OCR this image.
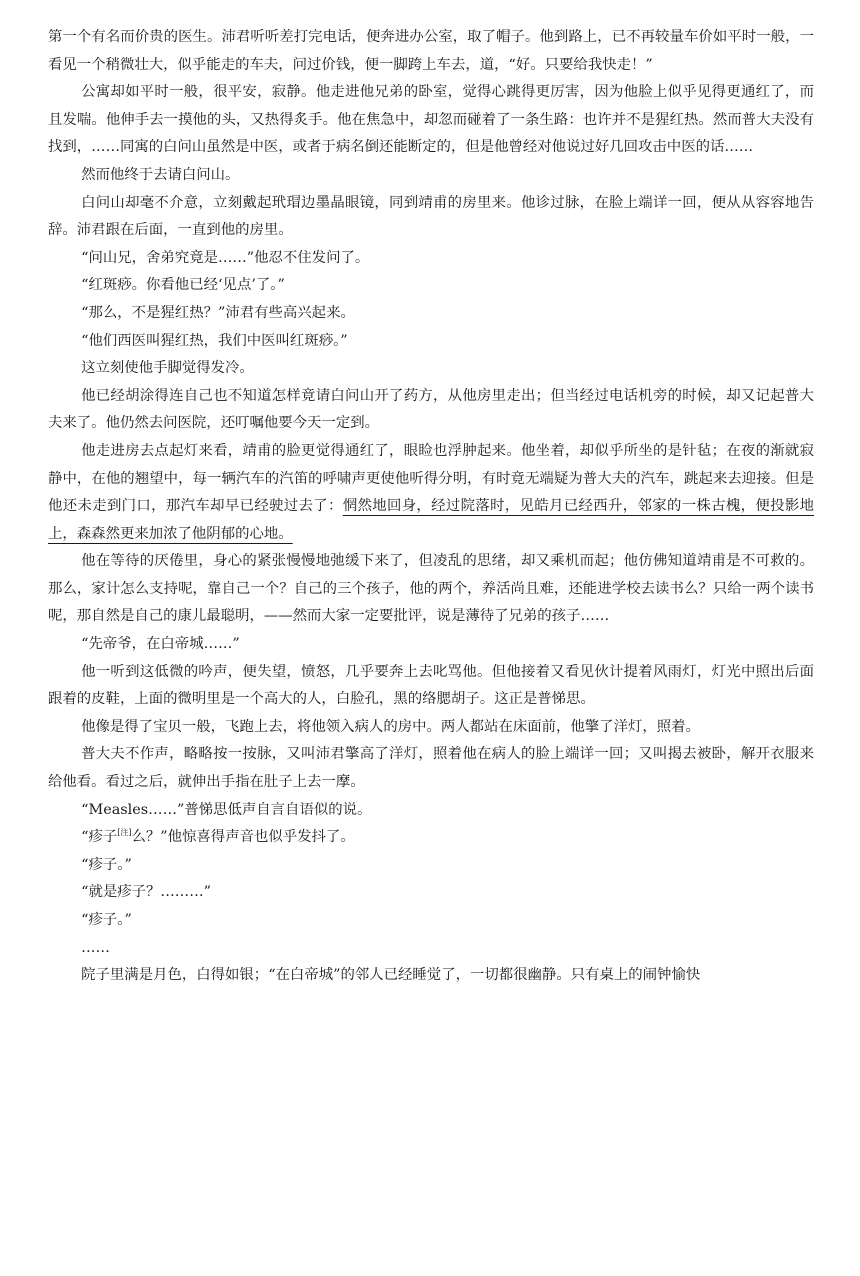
第一个有名而价贵的医生。沛君听听差打完电话，便奔进办公室，取了帽子。他到路上，已不再较量车价如平时一般，一看见一个稍微壮大，似乎能走的车夫，问过价钱，便一脚跨上车去，道，“好。只要给我快走！”

公寓却如平时一般，很平安，寂静。他走进他兄弟的卧室，觉得心跳得更厉害，因为他脸上似乎见得更通红了，而且发喘。他伸手去一摸他的头，又热得炙手。他在焦急中，却忽而碰着了一条生路：也许并不是猩红热。然而普大夫没有找到，……同寓的白问山虽然是中医，或者于病名倒还能断定的，但是他曾经对他说过好几回攻击中医的话……

然而他终于去请白问山。

白问山却毫不介意，立刻戴起玳瑁边墨晶眼镜，同到靖甫的房里来。他诊过脉，在脸上端详一回，便从从容容地告辞。沛君跟在后面，一直到他的房里。

“问山兄，舍弟究竟是……”他忍不住发问了。

“红斑痧。你看他已经‘见点’了。”

“那么，不是猩红热？”沛君有些高兴起来。

“他们西医叫猩红热，我们中医叫红斑痧。”

这立刻使他手脚觉得发冷。

他已经胡涂得连自己也不知道怎样竟请白问山开了药方，从他房里走出；但当经过电话机旁的时候，却又记起普大夫来了。他仍然去问医院，还叮嘱他要今天一定到。

他走进房去点起灯来看，靖甫的脸更觉得通红了，眼睑也浮肿起来。他坐着，却似乎所坐的是针毡；在夜的渐就寂静中，在他的翘望中，每一辆汽车的汽笛的呼啸声更使他听得分明，有时竟无端疑为普大夫的汽车，跳起来去迎接。但是他还未走到门口，那汽车却早已经驶过去了：惘然地回身，经过院落时，见皓月已经西升，邻家的一株古槐，便投影地上，森森然更来加浓了他阴郁的心地。

他在等待的厌倦里，身心的紧张慢慢地弛缓下来了，但凌乱的思绪，却又乘机而起；他仿佛知道靖甫是不可救的。那么，家计怎么支持呢，靠自己一个？自己的三个孩子，他的两个，养活尚且难，还能进学校去读书么？只给一两个读书呢，那自然是自己的康儿最聪明，——然而大家一定要批评，说是薄待了兄弟的孩子……

“先帝爷，在白帝城……”

他一听到这低微的吟声，便失望，愤怒，几乎要奔上去叱骂他。但他接着又看见伙计提着风雨灯，灯光中照出后面跟着的皮鞋，上面的微明里是一个高大的人，白脸孔，黑的络腮胡子。这正是普悌思。

他像是得了宝贝一般，飞跑上去，将他领入病人的房中。两人都站在床面前，他擎了洋灯，照着。

普大夫不作声，略略按一按脉，又叫沛君擎高了洋灯，照着他在病人的脸上端详一回；又叫揭去被卧，解开衣服来给他看。看过之后，就伸出手指在肚子上去一摩。

“Measles……”普悌思低声自言自语似的说。

“疹子[注]么？”他惊喜得声音也似乎发抖了。

“疹子。”

“就是疹子？………”

“疹子。”

……

院子里满是月色，白得如银；“在白帝城”的邻人已经睡觉了，一切都很幽静。只有桌上的闹钟愉快
